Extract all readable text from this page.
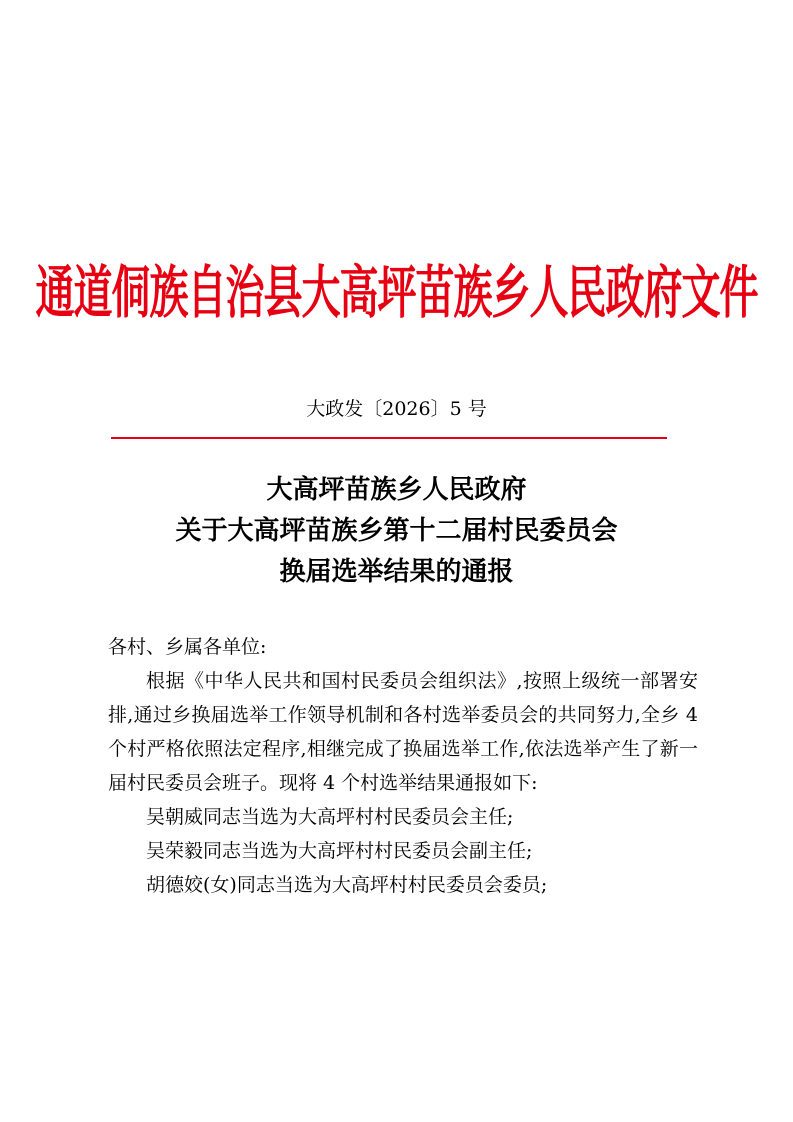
通道侗族自治县大高坪苗族乡人民政府文件
大政发〔2026〕5 号
大高坪苗族乡人民政府
关于大高坪苗族乡第十二届村民委员会
换届选举结果的通报
各村、乡属各单位:

根据《中华人民共和国村民委员会组织法》,按照上级统一部署安排,通过乡换届选举工作领导机制和各村选举委员会的共同努力,全乡 4 个村严格依照法定程序,相继完成了换届选举工作,依法选举产生了新一届村民委员会班子。现将 4 个村选举结果通报如下:

吴朝威同志当选为大高坪村村民委员会主任;

吴荣毅同志当选为大高坪村村民委员会副主任;

胡德姣(女)同志当选为大高坪村村民委员会委员;
